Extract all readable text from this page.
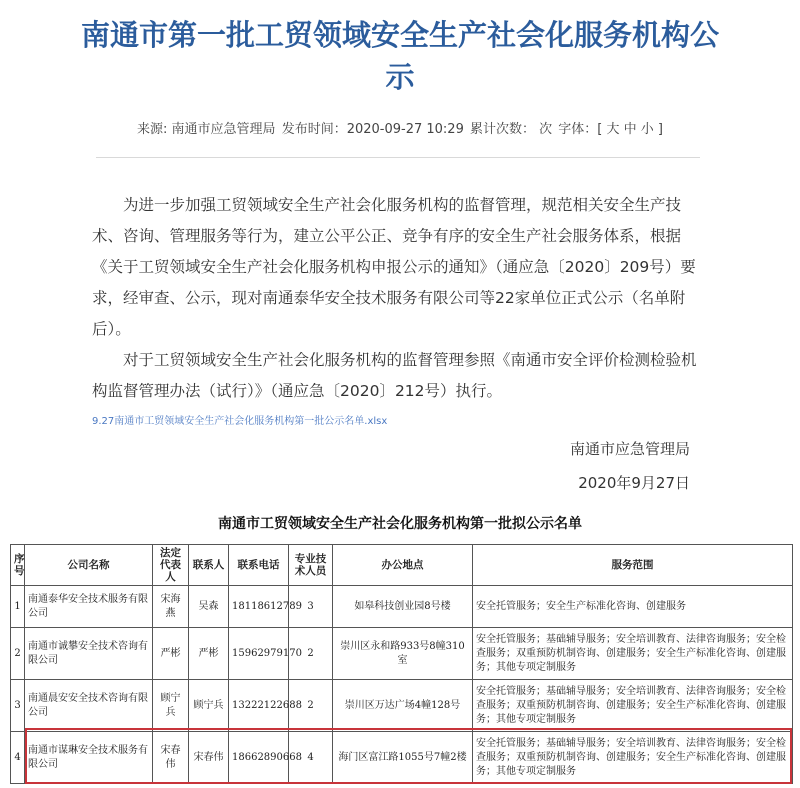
南通市第一批工贸领域安全生产社会化服务机构公
示
来源: 南通市应急管理局 发布时间：2020-09-27 10:29 累计次数： 次 字体：[ 大 中 小 ]

为进一步加强工贸领域安全生产社会化服务机构的监督管理，规范相关安全生产技术、咨询、管理服务等行为，建立公平公正、竞争有序的安全生产社会服务体系，根据《关于工贸领域安全生产社会化服务机构申报公示的通知》（通应急〔2020〕209号）要求，经审查、公示，现对南通泰华安全技术服务有限公司等22家单位正式公示（名单附后）。

对于工贸领域安全生产社会化服务机构的监督管理参照《南通市安全评价检测检验机构监督管理办法（试行）》（通应急〔2020〕212号）执行。

9.27南通市工贸领域安全生产社会化服务机构第一批公示名单.xlsx
南通市应急管理局
2020年9月27日
南通市工贸领域安全生产社会化服务机构第一批拟公示名单
序号	公司名称	法定代表人	联系人	联系电话	专业技术人员	办公地点	服务范围
1	南通泰华安全技术服务有限公司	宋海燕	吴森	18118612789	3	如皋科技创业园8号楼	安全托管服务；安全生产标准化咨询、创建服务
2	南通市诚攀安全技术咨询有限公司	严彬	严彬	15962979170	2	崇川区永和路933号8幢310室	安全托管服务；基础辅导服务；安全培训教育、法律咨询服务；安全检查服务；双重预防机制咨询、创建服务；安全生产标准化咨询、创建服务；其他专项定制服务
3	南通晨安安全技术咨询有限公司	顾宁兵	顾宁兵	13222122688	2	崇川区万达广场4幢128号	安全托管服务；基础辅导服务；安全培训教育、法律咨询服务；安全检查服务；双重预防机制咨询、创建服务；安全生产标准化咨询、创建服务；其他专项定制服务
4	南通市谋琳安全技术服务有限公司	宋春伟	宋春伟	18662890668	4	海门区富江路1055号7幢2楼	安全托管服务；基础辅导服务；安全培训教育、法律咨询服务；安全检查服务；双重预防机制咨询、创建服务；安全生产标准化咨询、创建服务；其他专项定制服务
